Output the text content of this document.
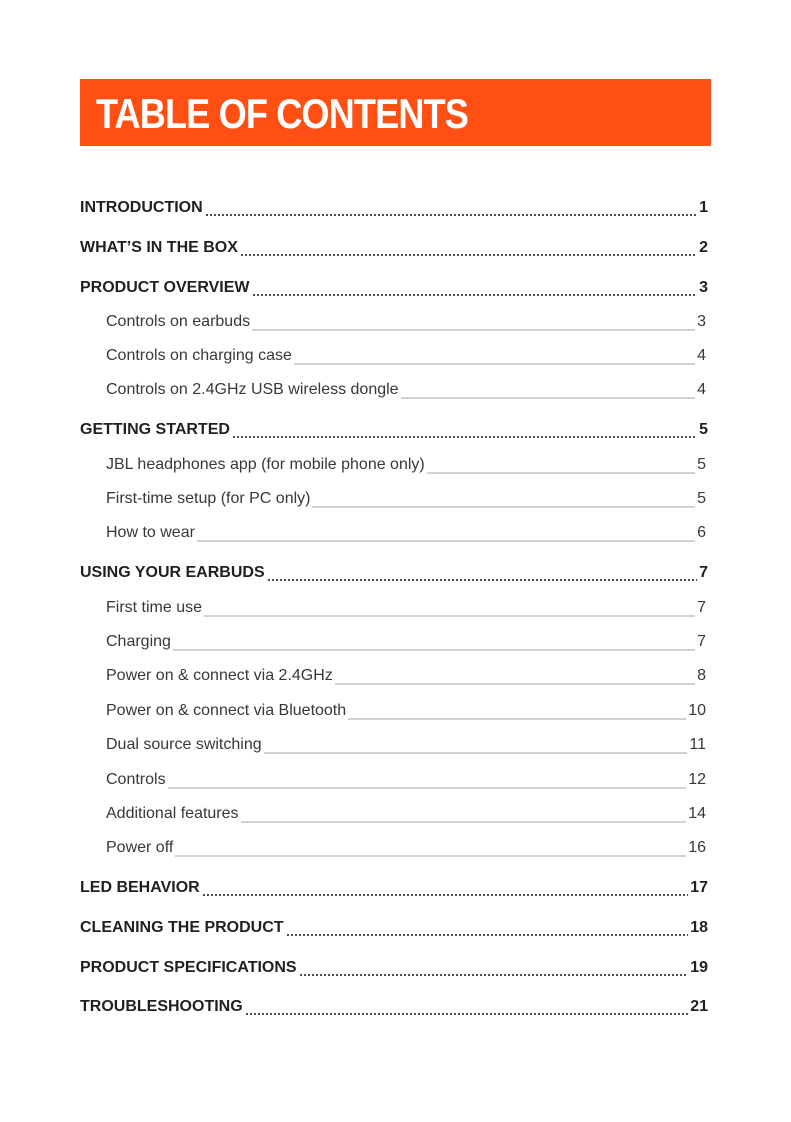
TABLE OF CONTENTS
INTRODUCTION	1
WHAT’S IN THE BOX	2
PRODUCT OVERVIEW	3
Controls on earbuds	3
Controls on charging case	4
Controls on 2.4GHz USB wireless dongle	4
GETTING STARTED	5
JBL headphones app (for mobile phone only)	5
First-time setup (for PC only)	5
How to wear	6
USING YOUR EARBUDS	7
First time use	7
Charging	7
Power on & connect via 2.4GHz	8
Power on & connect via Bluetooth	10
Dual source switching	11
Controls	12
Additional features	14
Power off	16
LED BEHAVIOR	17
CLEANING THE PRODUCT	18
PRODUCT SPECIFICATIONS	19
TROUBLESHOOTING	21
